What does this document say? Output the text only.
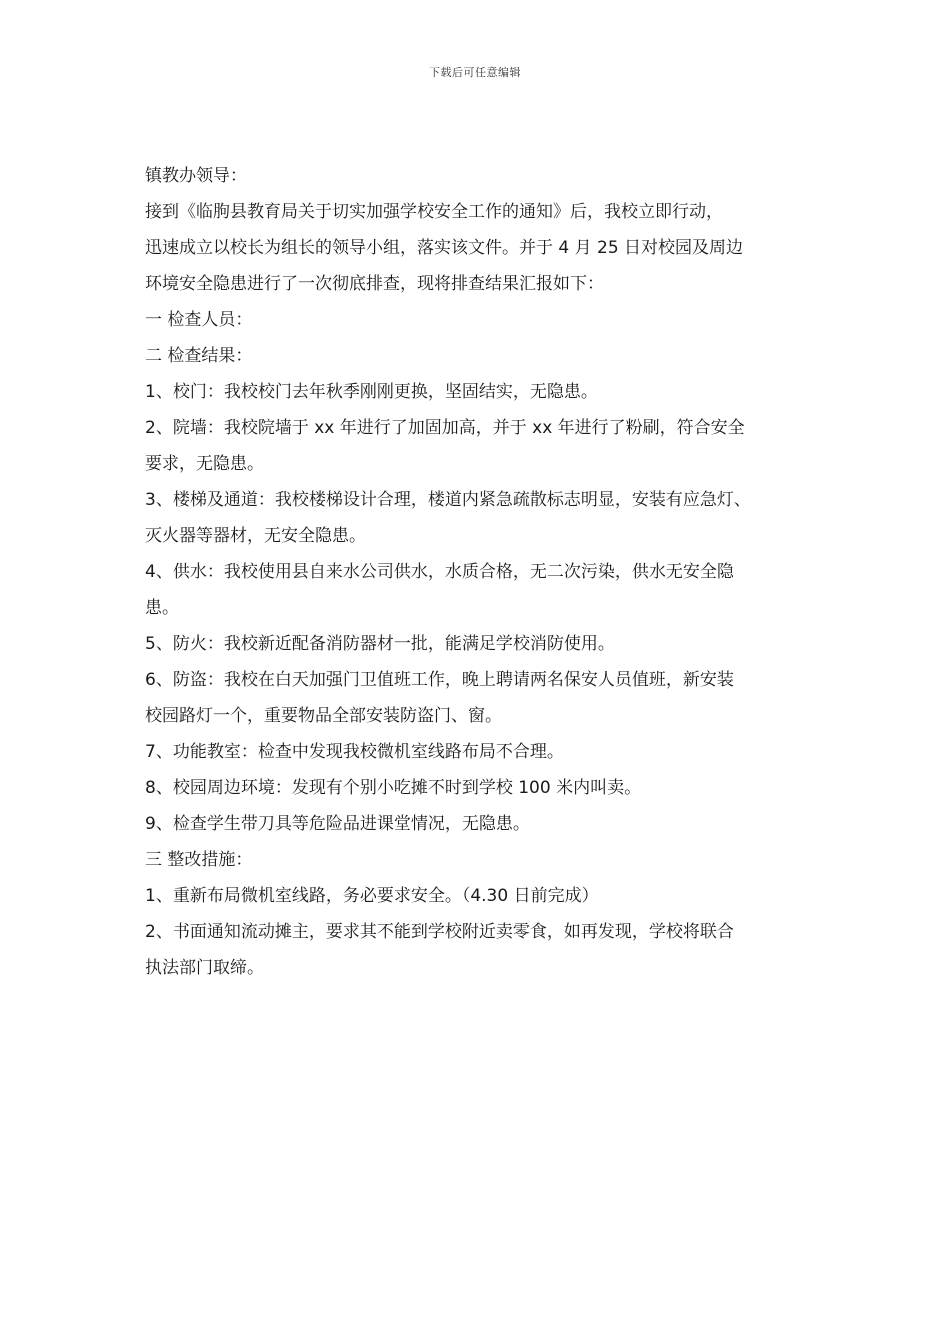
下载后可任意编辑
镇教办领导：
接到《临朐县教育局关于切实加强学校安全工作的通知》后，我校立即行动，
迅速成立以校长为组长的领导小组，落实该文件。并于 4 月 25 日对校园及周边
环境安全隐患进行了一次彻底排查，现将排查结果汇报如下：
一 检查人员：
二 检查结果：
1、校门：我校校门去年秋季刚刚更换，坚固结实，无隐患。
2、院墙：我校院墙于 xx 年进行了加固加高，并于 xx 年进行了粉刷，符合安全
要求，无隐患。
3、楼梯及通道：我校楼梯设计合理，楼道内紧急疏散标志明显，安装有应急灯、
灭火器等器材，无安全隐患。
4、供水：我校使用县自来水公司供水，水质合格，无二次污染，供水无安全隐
患。
5、防火：我校新近配备消防器材一批，能满足学校消防使用。
6、防盗：我校在白天加强门卫值班工作，晚上聘请两名保安人员值班，新安装
校园路灯一个，重要物品全部安装防盗门、窗。
7、功能教室：检查中发现我校微机室线路布局不合理。
8、校园周边环境：发现有个别小吃摊不时到学校 100 米内叫卖。
9、检查学生带刀具等危险品进课堂情况，无隐患。
三 整改措施：
1、重新布局微机室线路，务必要求安全。（4.30 日前完成）
2、书面通知流动摊主，要求其不能到学校附近卖零食，如再发现，学校将联合
执法部门取缔。
